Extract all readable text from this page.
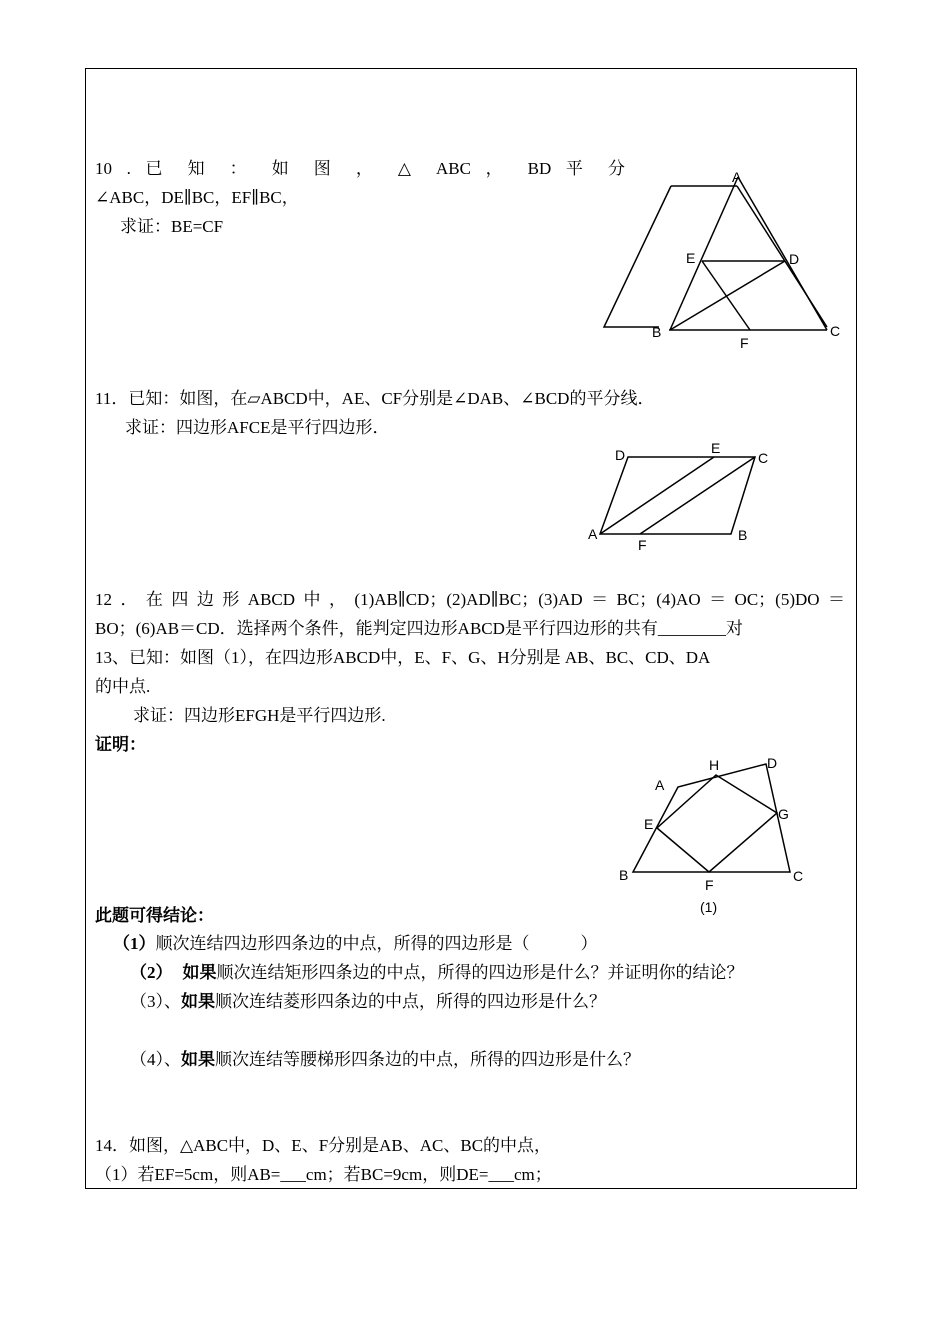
10 . 已 知 ： 如 图 ， △ ABC ， BD 平 分
∠ABC，DE∥BC，EF∥BC，
求证：BE=CF
A
E	D
B	C
F
11．已知：如图，在▱ABCD中，AE、CF分别是∠DAB、∠BCD的平分线．
求证：四边形AFCE是平行四边形．
D	E
C
A
F
B
12．在四边形ABCD中，(1)AB∥CD；(2)AD∥BC；(3)AD＝BC；(4)AO＝OC；(5)DO＝
BO；(6)AB＝CD．选择两个条件，能判定四边形ABCD是平行四边形的共有________对
13、已知：如图（1），在四边形ABCD中，E、F、G、H分别是 AB、BC、CD、DA
的中点.
求证：四边形EFGH是平行四边形.
证明：
A
H	D
E
G
B
F
C
(1)
此题可得结论：
（1）顺次连结四边形四条边的中点，所得的四边形是（　　　）
（2） 如果顺次连结矩形四条边的中点，所得的四边形是什么？并证明你的结论？
（3）、如果顺次连结菱形四条边的中点，所得的四边形是什么？
（4）、如果顺次连结等腰梯形四条边的中点，所得的四边形是什么？
14．如图，△ABC中，D、E、F分别是AB、AC、BC的中点，
（1）若EF=5cm，则AB=___cm；若BC=9cm，则DE=___cm；
